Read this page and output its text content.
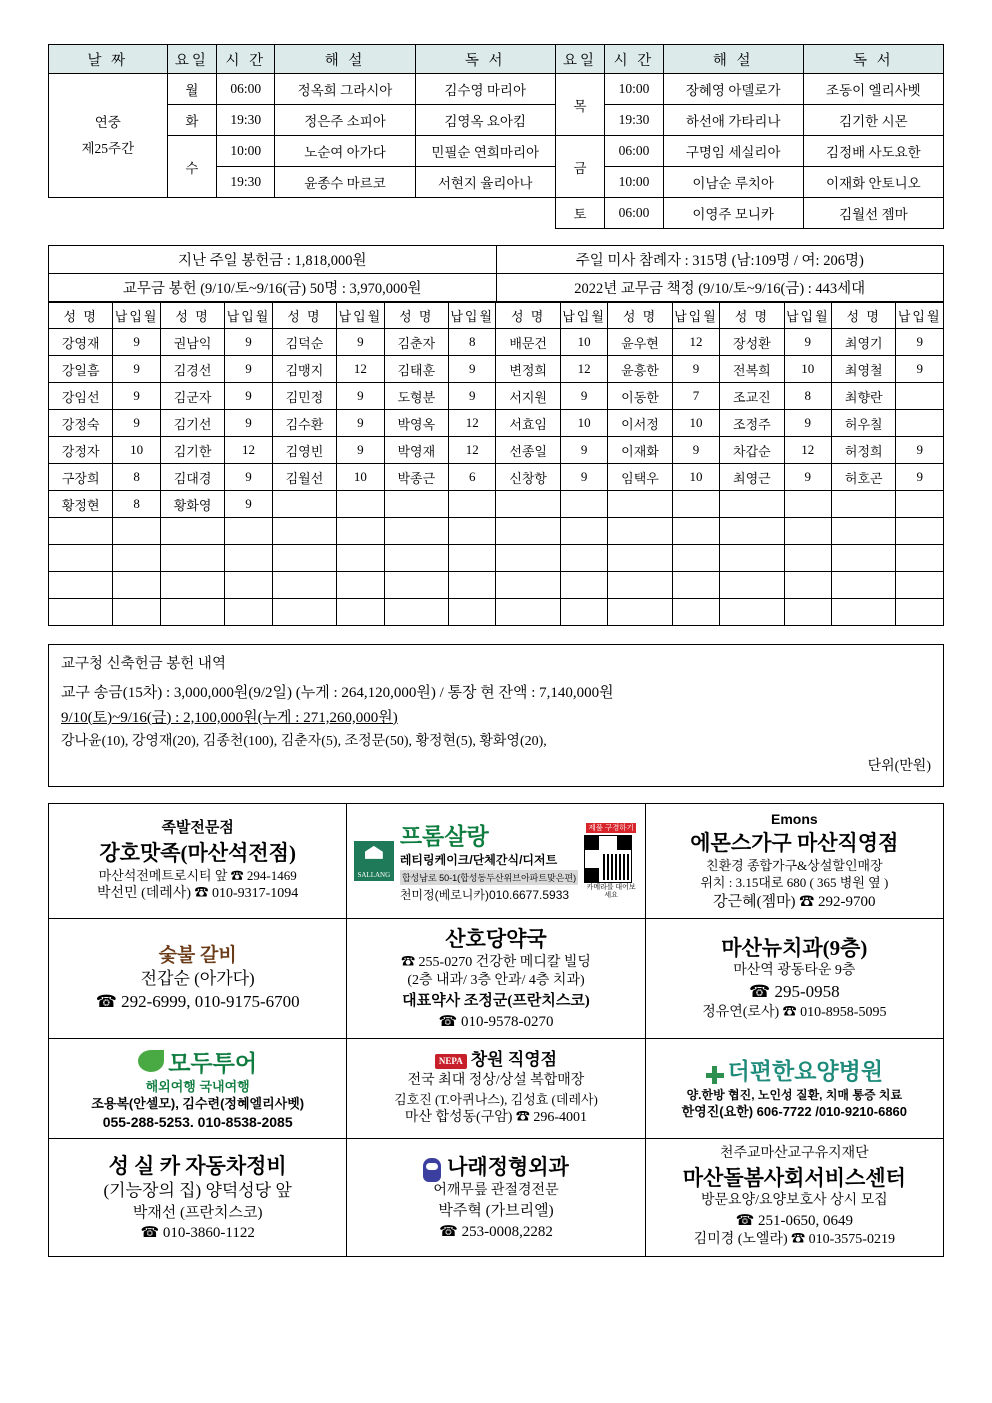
날 짜	요일	시 간	해 설	독 서	요일	시 간	해 설	독 서

연중
제25주간	월	06:00	정옥희 그라시아	김수영 마리아	목	10:00	장혜영 아델로가	조동이 엘리사벳
	화	19:30	정은주 소피아	김영옥 요아킴		19:30	하선애 가타리나	김기한 시몬
	수	10:00	노순여 아가다	민필순 연희마리아	금	06:00	구명임 세실리아	김정배 사도요한
		19:30	윤종수 마르코	서현지 율리아나		10:00	이남순 루치아	이재화 안토니오
					토	06:00	이영주 모니카	김월선 젬마
지난 주일 봉헌금 : 1,818,000원	주일 미사 참례자 : 315명 (남:109명 / 여: 206명)
교무금 봉헌 (9/10/토~9/16(금) 50명 : 3,970,000원	2022년 교무금 책정 (9/10/토~9/16(금) : 443세대
성 명	납입월	성 명	납입월	성 명	납입월	성 명	납입월	성 명	납입월	성 명	납입월	성 명	납입월	성 명	납입월
강영재	9	권남익	9	김덕순	9	김춘자	8	배문건	10	윤우현	12	장성환	9	최영기	9
강일흠	9	김경선	9	김맹지	12	김태훈	9	변정희	12	윤흥한	9	전복희	10	최영철	9
강임선	9	김군자	9	김민정	9	도형분	9	서지원	9	이동한	7	조교진	8	최향란	
강정숙	9	김기선	9	김수환	9	박영옥	12	서효임	10	이서정	10	조정주	9	허우칠	
강정자	10	김기한	12	김영빈	9	박영재	12	선종일	9	이재화	9	차갑순	12	허정희	9
구장희	8	김대경	9	김월선	10	박종근	6	신창항	9	임택우	10	최영근	9	허호곤	9
황정현	8	황화영	9												

교구청 신축헌금 봉헌 내역
교구 송금(15차) : 3,000,000원(9/2일) (누게 : 264,120,000원) / 통장 현 잔액 : 7,140,000원
9/10(토)~9/16(금) : 2,100,000원(누게 : 271,260,000원)
강나윤(10), 강영재(20), 김종천(100), 김춘자(5), 조정문(50), 황정현(5), 황화영(20),
단위(만원)
족발전문점
강호맛족(마산석전점)
마산석전메트로시티 앞 ☎ 294-1469
박선민 (데레사) ☎ 010-9317-1094

SALLANG
프롬살랑
레티링케이크/단체간식/디저트
합성남로 50-1(합성동두산위브아파트맞은편)
천미정(베로니카)010.6677.5933
제품 구경하기
카메라를 대어보세요

Emons
에몬스가구 마산직영점
친환경 종합가구&상설할인매장
위치 : 3.15대로 680 ( 365 병원 옆 )
강근혜(젬마) ☎ 292-9700

숯불 갈비
전갑순 (아가다)
☎ 292-6999, 010-9175-6700

산호당약국
☎ 255-0270 건강한 메디칼 빌딩
(2층 내과/ 3층 안과/ 4층 치과)
대표약사 조정군(프란치스코)
☎ 010-9578-0270

마산뉴치과(9층)
마산역 광동타운 9층
☎ 295-0958
정유연(로사) ☎ 010-8958-5095

모두투어
해외여행 국내여행
조용복(안셀모), 김수련(정혜엘리사벳)
055-288-5253. 010-8538-2085

NEPA 창원 직영점
전국 최대 정상/상설 복합매장
김호진 (T.아퀴나스), 김성효 (데레사)
마산 합성동(구암) ☎ 296-4001

더편한요양병원
양.한방 협진, 노인성 질환, 치매 통증 치료
한영진(요한) 606-7722 /010-9210-6860

성 실 카 자동차정비
(기능장의 집) 양덕성당 앞
박재선 (프란치스코)
☎ 010-3860-1122

나래정형외과
어깨무릎 관절경전문
박주혁 (가브리엘)
☎ 253-0008,2282

천주교마산교구유지재단
마산돌봄사회서비스센터
방문요양/요양보호사 상시 모집
☎ 251-0650, 0649
김미경 (노엘라) ☎ 010-3575-0219
